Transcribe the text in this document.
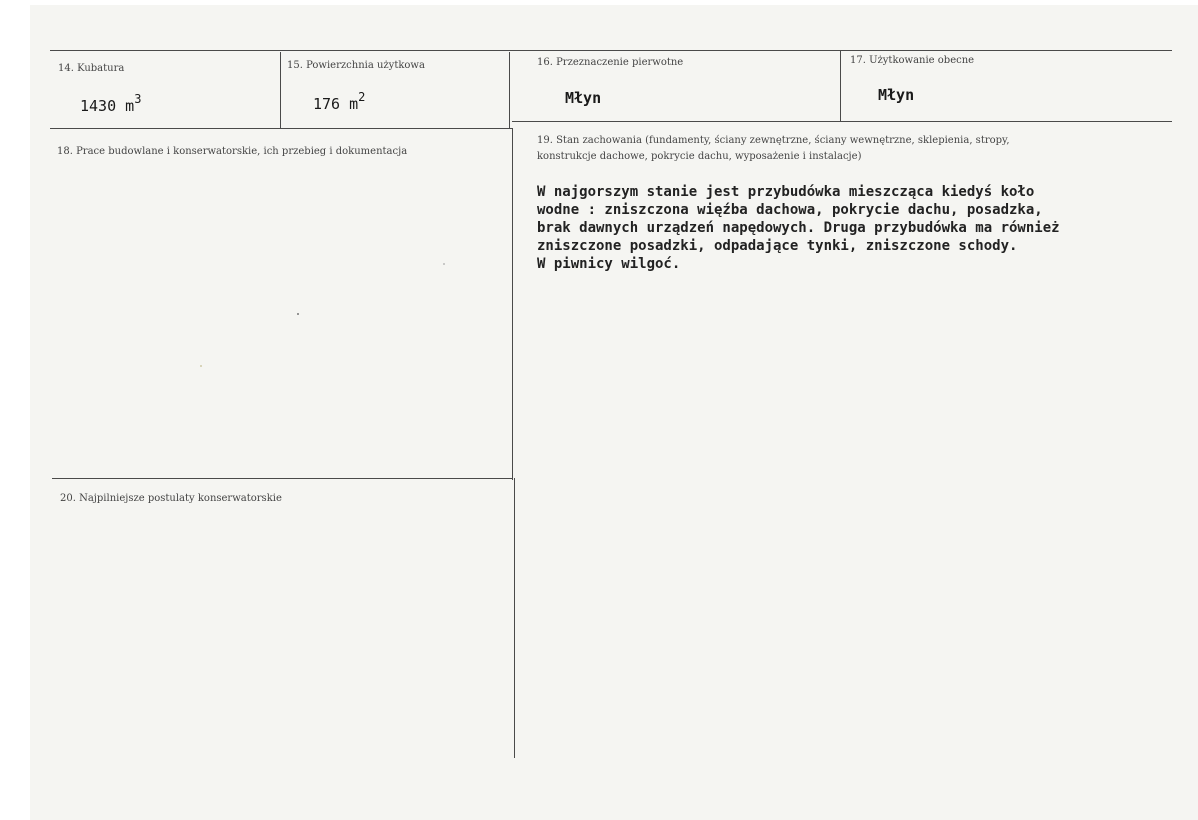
14. Kubatura
1430 $m^3$
15. Powierzchnia użytkowa
176 $m^2$
16. Przeznaczenie pierwotne
Młyn
17. Użytkowanie obecne
Młyn
18. Prace budowlane i konserwatorskie, ich przebieg i dokumentacja
19. Stan zachowania (fundamenty, ściany zewnętrzne, ściany wewnętrzne, sklepienia, stropy,
konstrukcje dachowe, pokrycie dachu, wyposażenie i instalacje)
W najgorszym stanie jest przybudówka mieszcząca kiedyś koło
wodne : zniszczona więźba dachowa, pokrycie dachu, posadzka,
brak dawnych urządzeń napędowych. Druga przybudówka ma również
zniszczone posadzki, odpadające tynki, zniszczone schody.
W piwnicy wilgoć.
20. Najpilniejsze postulaty konserwatorskie
